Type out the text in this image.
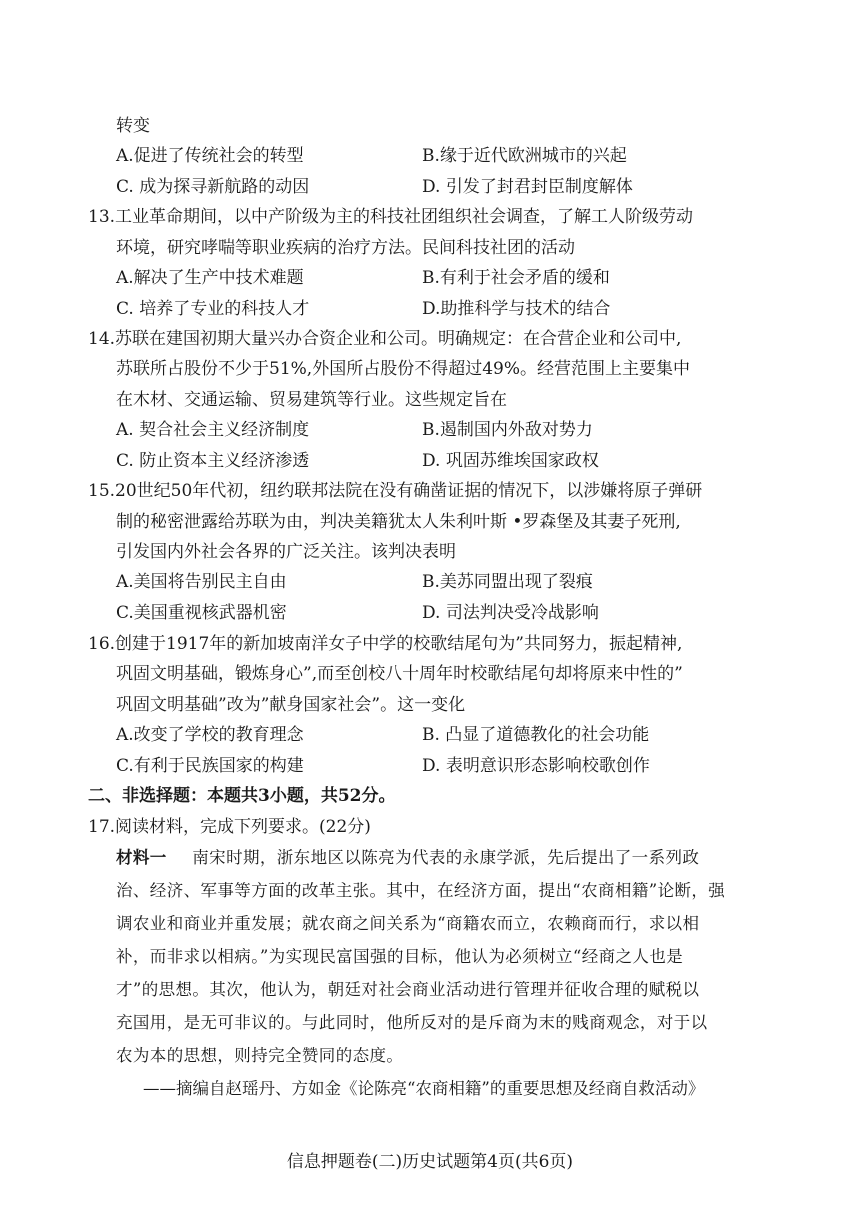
转变
A.促进了传统社会的转型	B.缘于近代欧洲城市的兴起
C. 成为探寻新航路的动因	D. 引发了封君封臣制度解体
13.工业革命期间，以中产阶级为主的科技社团组织社会调查，了解工人阶级劳动
环境，研究哮喘等职业疾病的治疗方法。民间科技社团的活动
A.解决了生产中技术难题	B.有利于社会矛盾的缓和
C. 培养了专业的科技人才	D.助推科学与技术的结合
14.苏联在建国初期大量兴办合资企业和公司。明确规定：在合营企业和公司中,
苏联所占股份不少于51%,外国所占股份不得超过49%。经营范围上主要集中
在木材、交通运输、贸易建筑等行业。这些规定旨在
A. 契合社会主义经济制度	B.遏制国内外敌对势力
C. 防止资本主义经济渗透	D. 巩固苏维埃国家政权
15.20世纪50年代初，纽约联邦法院在没有确凿证据的情况下，以涉嫌将原子弹研
制的秘密泄露给苏联为由，判决美籍犹太人朱利叶斯 •罗森堡及其妻子死刑,
引发国内外社会各界的广泛关注。该判决表明
A.美国将告别民主自由	B.美苏同盟出现了裂痕
C.美国重视核武器机密	D. 司法判决受冷战影响
16.创建于1917年的新加坡南洋女子中学的校歌结尾句为”共同努力，振起精神,
巩固文明基础，锻炼身心”,而至创校八十周年时校歌结尾句却将原来中性的”
巩固文明基础”改为”献身国家社会”。这一变化
A.改变了学校的教育理念	B. 凸显了道德教化的社会功能
C.有利于民族国家的构建	D. 表明意识形态影响校歌创作
二、非选择题：本题共3小题，共52分。
17.阅读材料，完成下列要求。(22分)
材料一   南宋时期，浙东地区以陈亮为代表的永康学派，先后提出了一系列政
治、经济、军事等方面的改革主张。其中，在经济方面，提出“农商相籍”论断，强
调农业和商业并重发展；就农商之间关系为“商籍农而立，农赖商而行，求以相
补，而非求以相病。”为实现民富国强的目标，他认为必须树立“经商之人也是
才”的思想。其次，他认为，朝廷对社会商业活动进行管理并征收合理的赋税以
充国用，是无可非议的。与此同时，他所反对的是斥商为末的贱商观念，对于以
农为本的思想，则持完全赞同的态度。
——摘编自赵瑶丹、方如金《论陈亮“农商相籍”的重要思想及经商自救活动》
信息押题卷(二)历史试题第4页(共6页)
